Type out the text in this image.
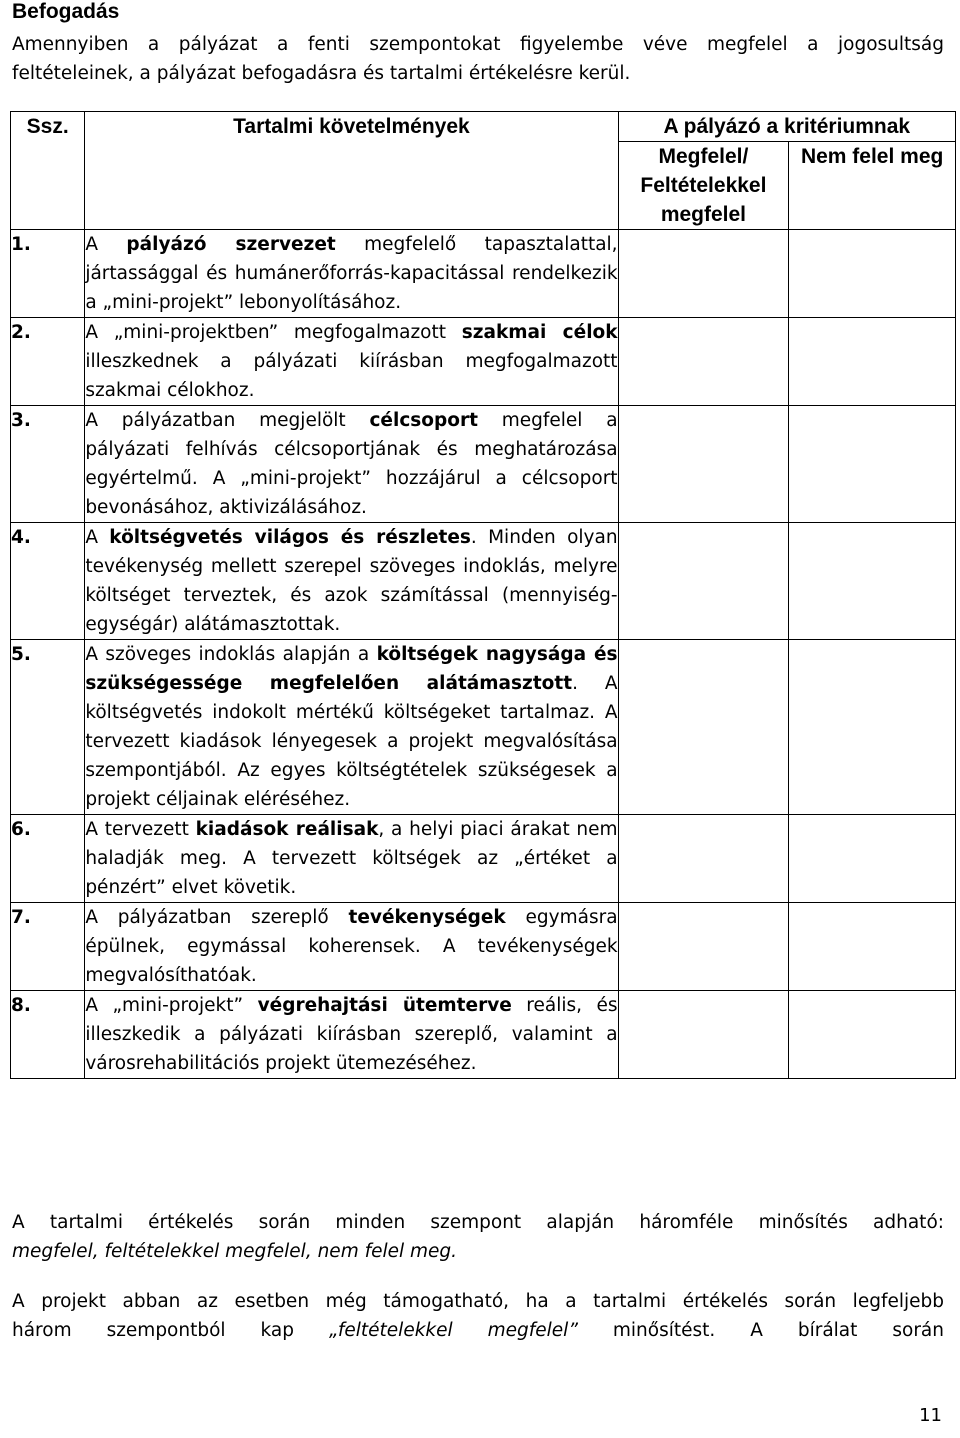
Befogadás
Amennyiben a pályázat a fenti szempontokat figyelembe véve megfelel a jogosultság
feltételeinek, a pályázat befogadásra és tartalmi értékelésre kerül.
Ssz.	Tartalmi követelmények	A pályázó a kritériumnak	
		Megfelel/ Feltételekkel megfelel	Nem felel meg
1.	A pályázó szervezet megfelelő tapasztalattal, jártassággal és humánerőforrás-kapacitással rendelkezik a „mini-projekt” lebonyolításához.		
2.	A „mini-projektben” megfogalmazott szakmai célok illeszkednek a pályázati kiírásban megfogalmazott szakmai célokhoz.		
3.	A pályázatban megjelölt célcsoport megfelel a pályázati felhívás célcsoportjának és meghatározása egyértelmű. A „mini-projekt” hozzájárul a célcsoport bevonásához, aktivizálásához.		
4.	A költségvetés világos és részletes. Minden olyan tevékenység mellett szerepel szöveges indoklás, melyre költséget terveztek, és azok számítással (mennyiség-egységár) alátámasztottak.		
5.	A szöveges indoklás alapján a költségek nagysága és szükségessége megfelelően alátámasztott. A költségvetés indokolt mértékű költségeket tartalmaz. A tervezett kiadások lényegesek a projekt megvalósítása szempontjából. Az egyes költségtételek szükségesek a projekt céljainak eléréséhez.		
6.	A tervezett kiadások reálisak, a helyi piaci árakat nem haladják meg. A tervezett költségek az „értéket a pénzért” elvet követik.		
7.	A pályázatban szereplő tevékenységek egymásra épülnek, egymással koherensek. A tevékenységek megvalósíthatóak.		
8.	A „mini-projekt” végrehajtási ütemterve reális, és illeszkedik a pályázati kiírásban szereplő, valamint a városrehabilitációs projekt ütemezéséhez.		
A tartalmi értékelés során minden szempont alapján háromféle minősítés adható:
megfelel, feltételekkel megfelel, nem felel meg.
A projekt abban az esetben még támogatható, ha a tartalmi értékelés során legfeljebb
három szempontból kap „feltételekkel megfelel” minősítést. A bírálat során

11
